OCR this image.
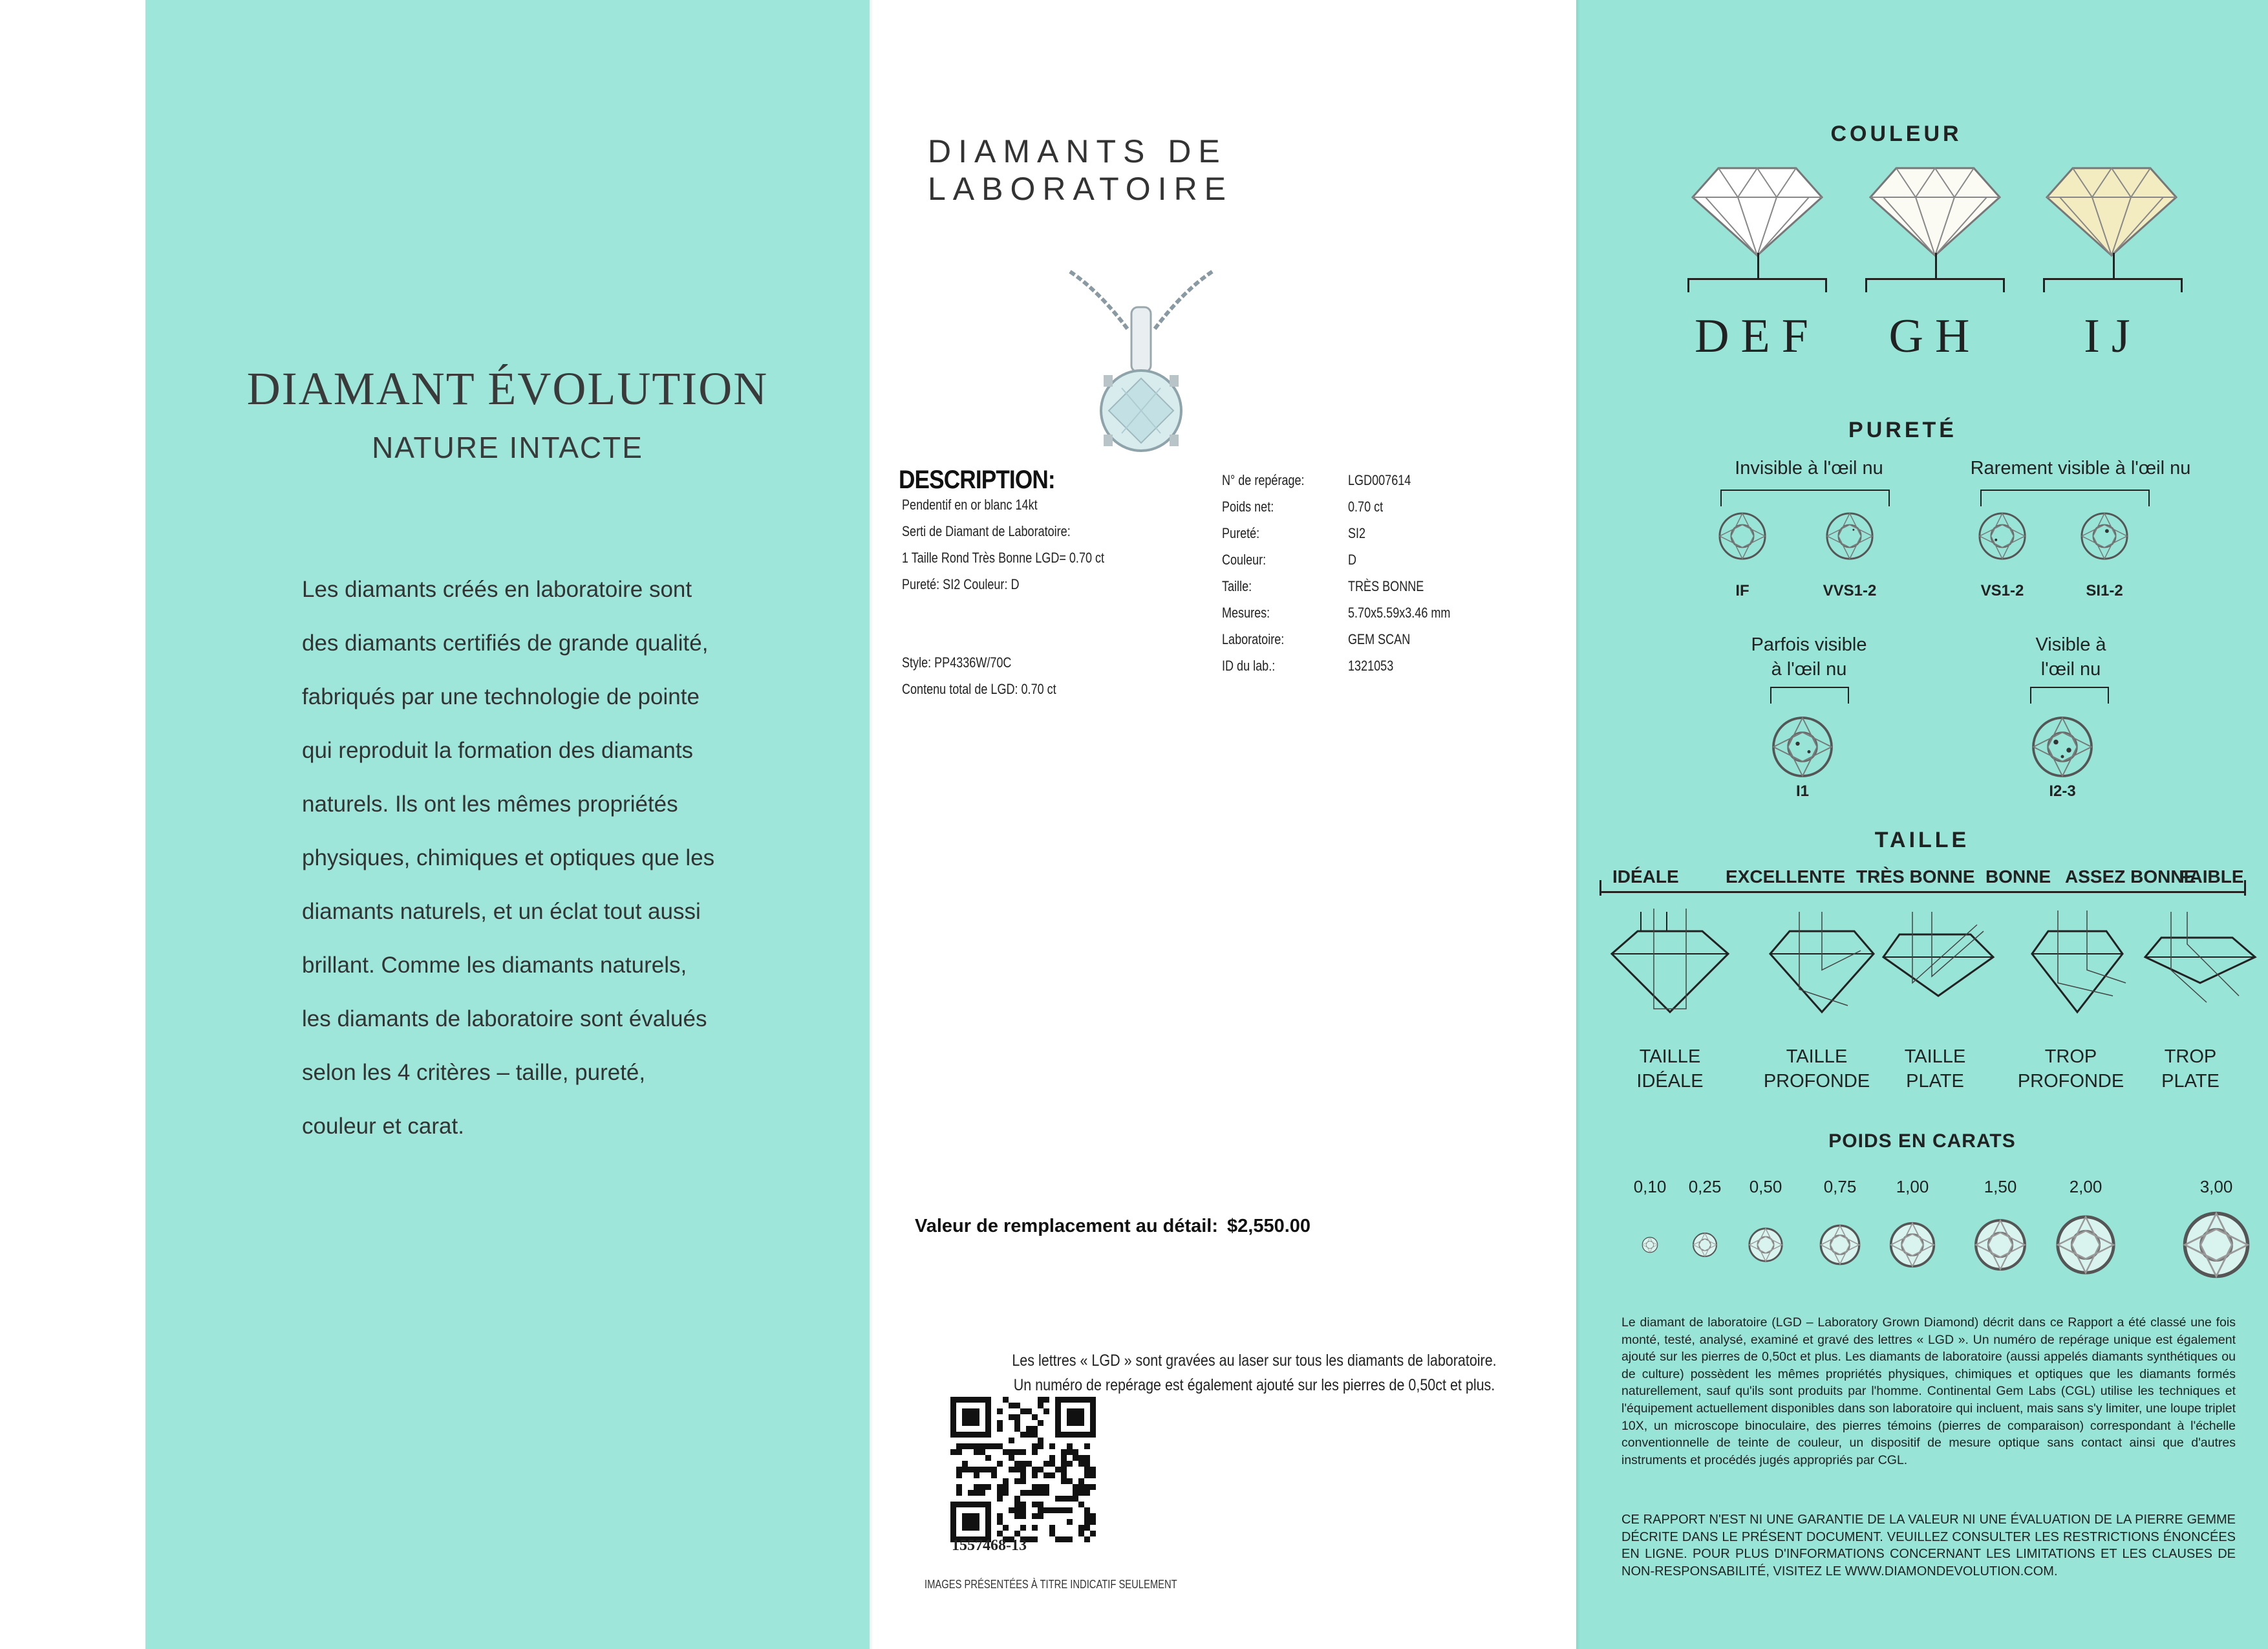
DIAMANT ÉVOLUTION
NATURE INTACTE
Les diamants créés en laboratoire sont
des diamants certifiés de grande qualité,
fabriqués par une technologie de pointe
qui reproduit la formation des diamants
naturels. Ils ont les mêmes propriétés
physiques, chimiques et optiques que les
diamants naturels, et un éclat tout aussi
brillant. Comme les diamants naturels,
les diamants de laboratoire sont évalués
selon les 4 critères – taille, pureté,
couleur et carat.
DIAMANTS DE LABORATOIRE
DESCRIPTION:
Pendentif en or blanc 14kt
Serti de Diamant de Laboratoire:
1 Taille Rond Très Bonne LGD= 0.70 ct
Pureté: SI2 Couleur: D
Style: PP4336W/70C
Contenu total de LGD: 0.70 ct
N° de repérage:	LGD007614
Poids net:	0.70 ct
Pureté:	SI2
Couleur:	D
Taille:	TRÈS BONNE
Mesures:	5.70x5.59x3.46 mm
Laboratoire:	GEM SCAN
ID du lab.:	1321053
Valeur de remplacement au détail: $2,550.00
Les lettres « LGD » sont gravées au laser sur tous les diamants de laboratoire.
Un numéro de repérage est également ajouté sur les pierres de 0,50ct et plus.
1557468-13
IMAGES PRÉSENTÉES À TITRE INDICATIF SEULEMENT
COULEUR
DEF	GH	IJ
PURETÉ
Invisible à l'œil nu	Rarement visible à l'œil nu
IF	VVS1-2	VS1-2	SI1-2
Parfois visible
à l'œil nu
Visible à
l'œil nu
I1	I2-3
TAILLE
IDÉALE	EXCELLENTE TRÈS BONNE BONNE ASSEZ BONNE
FAIBLE
TAILLE
IDÉALE
TAILLE
PROFONDE
TAILLE
PLATE
TROP
PROFONDE
TROP
PLATE
POIDS EN CARATS
0,10	0,25	0,50	0,75	1,00	1,50	2,00	3,00
Le diamant de laboratoire (LGD – Laboratory Grown Diamond) décrit dans ce Rapport a été classé une fois monté, testé, analysé, examiné et gravé des lettres « LGD ». Un numéro de repérage unique est également ajouté sur les pierres de 0,50ct et plus. Les diamants de laboratoire (aussi appelés diamants synthétiques ou de culture) possèdent les mêmes propriétés physiques, chimiques et optiques que les diamants formés naturellement, sauf qu'ils sont produits par l'homme. Continental Gem Labs (CGL) utilise les techniques et l'équipement actuellement disponibles dans son laboratoire qui incluent, mais sans s'y limiter, une loupe triplet 10X, un microscope binoculaire, des pierres témoins (pierres de comparaison) correspondant à l'échelle conventionnelle de teinte de couleur, un dispositif de mesure optique sans contact ainsi que d'autres instruments et procédés jugés appropriés par CGL.
CE RAPPORT N'EST NI UNE GARANTIE DE LA VALEUR NI UNE ÉVALUATION DE LA PIERRE GEMME DÉCRITE DANS LE PRÉSENT DOCUMENT. VEUILLEZ CONSULTER LES RESTRICTIONS ÉNONCÉES EN LIGNE. POUR PLUS D'INFORMATIONS CONCERNANT LES LIMITATIONS ET LES CLAUSES DE NON-RESPONSABILITÉ, VISITEZ LE WWW.DIAMONDEVOLUTION.COM.
